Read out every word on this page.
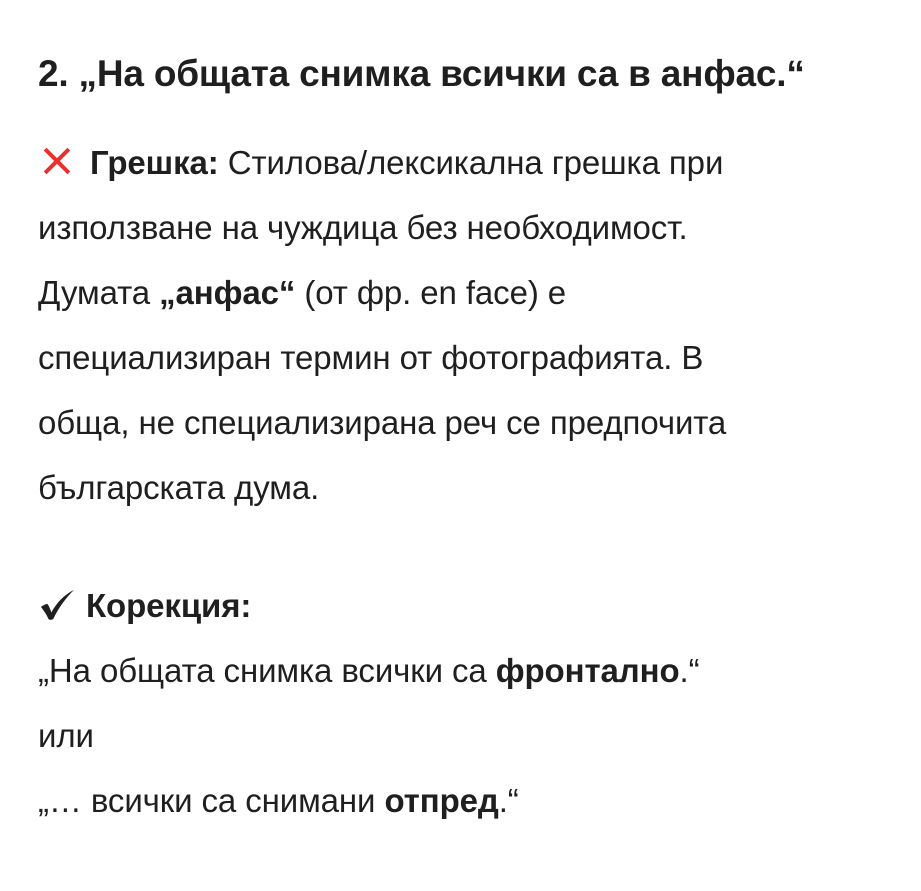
2. „На общата снимка всички са в анфас.“
Грешка: Стилова/лексикална грешка при
използване на чуждица без необходимост.
Думата „анфас“ (от фр. en face) е
специализиран термин от фотографията. В
обща, не специализирана реч се предпочита
българската дума.
Корекция:
„На общата снимка всички са фронтално.“
или
„… всички са снимани отпред.“
